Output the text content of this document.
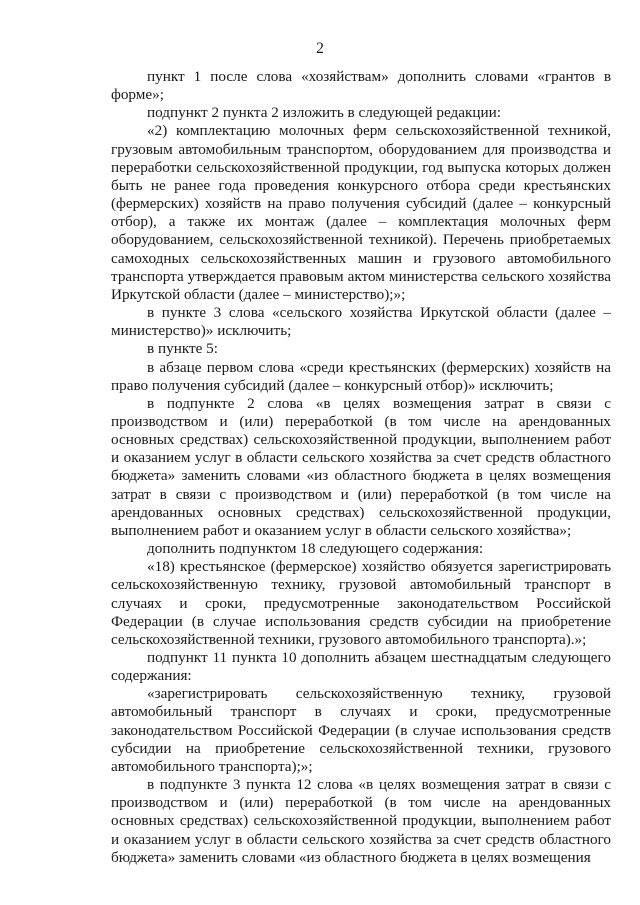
2

пункт 1 после слова «хозяйствам» дополнить словами «грантов в форме»;

подпункт 2 пункта 2 изложить в следующей редакции:

«2) комплектацию молочных ферм сельскохозяйственной техникой, грузовым автомобильным транспортом, оборудованием для производства и переработки сельскохозяйственной продукции, год выпуска которых должен быть не ранее года проведения конкурсного отбора среди крестьянских (фермерских) хозяйств на право получения субсидий (далее – конкурсный отбор), а также их монтаж (далее – комплектация молочных ферм оборудованием, сельскохозяйственной техникой). Перечень приобретаемых самоходных сельскохозяйственных машин и грузового автомобильного транспорта утверждается правовым актом министерства сельского хозяйства Иркутской области (далее – министерство);»;

в пункте 3 слова «сельского хозяйства Иркутской области (далее – министерство)» исключить;

в пункте 5:

в абзаце первом слова «среди крестьянских (фермерских) хозяйств на право получения субсидий (далее – конкурсный отбор)» исключить;

в подпункте 2 слова «в целях возмещения затрат в связи с производством и (или) переработкой (в том числе на арендованных основных средствах) сельскохозяйственной продукции, выполнением работ и оказанием услуг в области сельского хозяйства за счет средств областного бюджета» заменить словами «из областного бюджета в целях возмещения затрат в связи с производством и (или) переработкой (в том числе на арендованных основных средствах) сельскохозяйственной продукции, выполнением работ и оказанием услуг в области сельского хозяйства»;

дополнить подпунктом 18 следующего содержания:

«18) крестьянское (фермерское) хозяйство обязуется зарегистрировать сельскохозяйственную технику, грузовой автомобильный транспорт в случаях и сроки, предусмотренные законодательством Российской Федерации (в случае использования средств субсидии на приобретение сельскохозяйственной техники, грузового автомобильного транспорта).»;

подпункт 11 пункта 10 дополнить абзацем шестнадцатым следующего содержания:

«зарегистрировать сельскохозяйственную технику, грузовой автомобильный транспорт в случаях и сроки, предусмотренные законодательством Российской Федерации (в случае использования средств субсидии на приобретение сельскохозяйственной техники, грузового автомобильного транспорта);»;

в подпункте 3 пункта 12 слова «в целях возмещения затрат в связи с производством и (или) переработкой (в том числе на арендованных основных средствах) сельскохозяйственной продукции, выполнением работ и оказанием услуг в области сельского хозяйства за счет средств областного бюджета» заменить словами «из областного бюджета в целях возмещения
